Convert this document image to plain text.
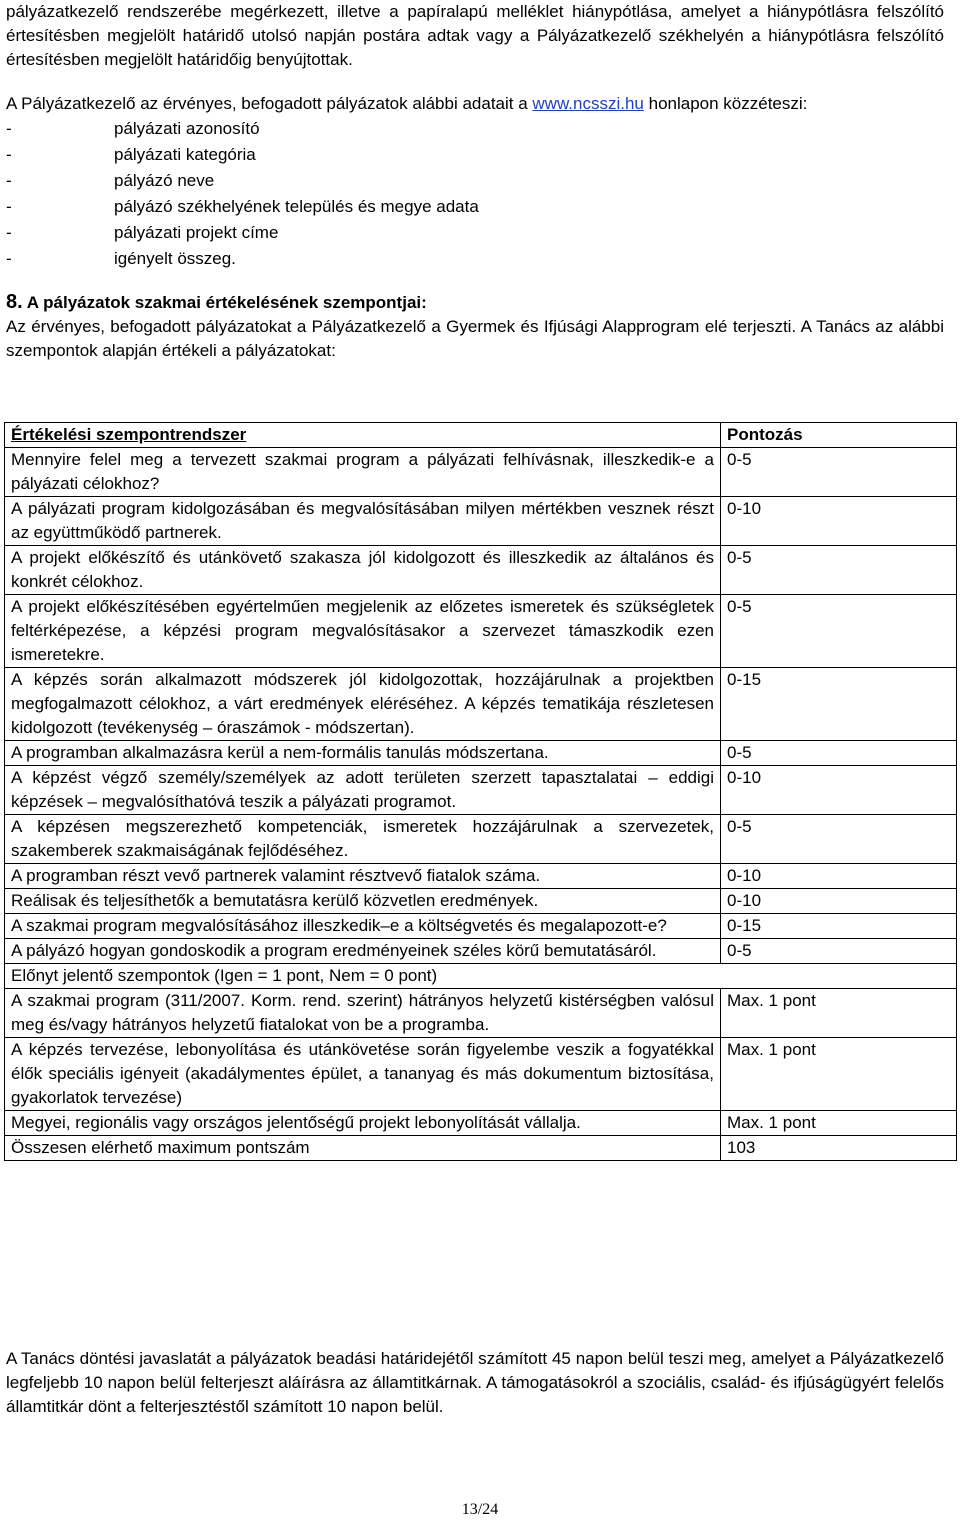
pályázatkezelő rendszerébe megérkezett, illetve a papíralapú melléklet hiánypótlása, amelyet a hiánypótlásra felszólító értesítésben megjelölt határidő utolsó napján postára adtak vagy a Pályázatkezelő székhelyén a hiánypótlásra felszólító értesítésben megjelölt határidőig benyújtottak.

A Pályázatkezelő az érvényes, befogadott pályázatok alábbi adatait a www.ncsszi.hu honlapon közzéteszi:

-	pályázati azonosító
-	pályázati kategória
-	pályázó neve
-	pályázó székhelyének település és megye adata
-	pályázati projekt címe
-	igényelt összeg.

8. A pályázatok szakmai értékelésének szempontjai:

Az érvényes, befogadott pályázatokat a Pályázatkezelő a Gyermek és Ifjúsági Alapprogram elé terjeszti. A Tanács az alábbi szempontok alapján értékeli a pályázatokat:

Értékelési szempontrendszer	Pontozás
Mennyire felel meg a tervezett szakmai program a pályázati felhívásnak, illeszkedik-e a pályázati célokhoz?	0-5
A pályázati program kidolgozásában és megvalósításában milyen mértékben vesznek részt az együttműködő partnerek.	0-10
A projekt előkészítő és utánkövető szakasza jól kidolgozott és illeszkedik az általános és konkrét célokhoz.	0-5
A projekt előkészítésében egyértelműen megjelenik az előzetes ismeretek és szükségletek feltérképezése, a képzési program megvalósításakor a szervezet támaszkodik ezen ismeretekre.	0-5
A képzés során alkalmazott módszerek jól kidolgozottak, hozzájárulnak a projektben megfogalmazott célokhoz, a várt eredmények eléréséhez. A képzés tematikája részletesen kidolgozott (tevékenység – óraszámok - módszertan).	0-15
A programban alkalmazásra kerül a nem-formális tanulás módszertana.	0-5
A képzést végző személy/személyek az adott területen szerzett tapasztalatai – eddigi képzések – megvalósíthatóvá teszik a pályázati programot.	0-10
A képzésen megszerezhető kompetenciák, ismeretek hozzájárulnak a szervezetek, szakemberek szakmaiságának fejlődéséhez.	0-5
A programban részt vevő partnerek valamint résztvevő fiatalok száma.	0-10
Reálisak és teljesíthetők a bemutatásra kerülő közvetlen eredmények.	0-10
A szakmai program megvalósításához illeszkedik–e a költségvetés és megalapozott-e?	0-15
A pályázó hogyan gondoskodik a program eredményeinek széles körű bemutatásáról.	0-5
Előnyt jelentő szempontok (Igen = 1 pont, Nem = 0 pont)	
A szakmai program (311/2007. Korm. rend. szerint) hátrányos helyzetű kistérségben valósul meg és/vagy hátrányos helyzetű fiatalokat von be a programba.	Max. 1 pont
A képzés tervezése, lebonyolítása és utánkövetése során figyelembe veszik a fogyatékkal élők speciális igényeit (akadálymentes épület, a tananyag és más dokumentum biztosítása, gyakorlatok tervezése)	Max. 1 pont
Megyei, regionális vagy országos jelentőségű projekt lebonyolítását vállalja.	Max. 1 pont
Összesen elérhető maximum pontszám	103

A Tanács döntési javaslatát a pályázatok beadási határidejétől számított 45 napon belül teszi meg, amelyet a Pályázatkezelő legfeljebb 10 napon belül felterjeszt aláírásra az államtitkárnak. A támogatásokról a szociális, család- és ifjúságügyért felelős államtitkár dönt a felterjesztéstől számított 10 napon belül.

13/24
